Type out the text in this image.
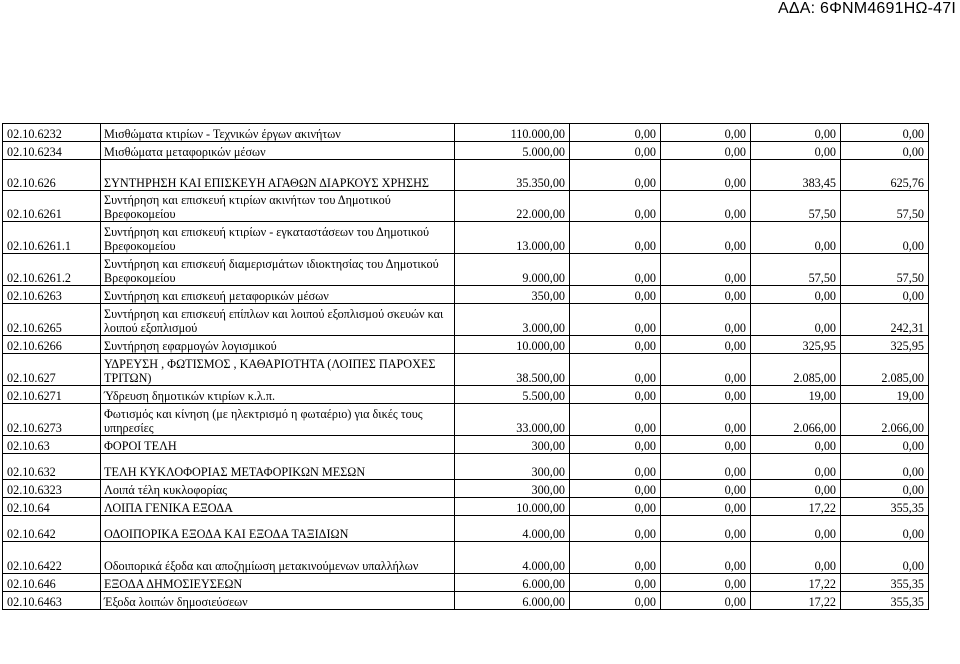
ΑΔΑ: 6ΦΝΜ4691ΗΩ-47Ι
02.10.6232	Μισθώματα κτιρίων - Τεχνικών έργων ακινήτων	110.000,00	0,00	0,00	0,00	0,00
02.10.6234	Μισθώματα μεταφορικών μέσων	5.000,00	0,00	0,00	0,00	0,00
02.10.626	ΣΥΝΤΗΡΗΣΗ ΚΑΙ ΕΠΙΣΚΕΥΗ ΑΓΑΘΩΝ ΔΙΑΡΚΟΥΣ ΧΡΗΣΗΣ	35.350,00	0,00	0,00	383,45	625,76
02.10.6261	Συντήρηση και επισκευή κτιρίων ακινήτων του Δημοτικού Βρεφοκομείου	22.000,00	0,00	0,00	57,50	57,50
02.10.6261.1	Συντήρηση και επισκευή κτιρίων - εγκαταστάσεων του Δημοτικού Βρεφοκομείου	13.000,00	0,00	0,00	0,00	0,00
02.10.6261.2	Συντήρηση και επισκευή διαμερισμάτων ιδιοκτησίας του Δημοτικού Βρεφοκομείου	9.000,00	0,00	0,00	57,50	57,50
02.10.6263	Συντήρηση και επισκευή μεταφορικών μέσων	350,00	0,00	0,00	0,00	0,00
02.10.6265	Συντήρηση και επισκευή επίπλων και λοιπού εξοπλισμού σκευών και λοιπού εξοπλισμού	3.000,00	0,00	0,00	0,00	242,31
02.10.6266	Συντήρηση εφαρμογών λογισμικού	10.000,00	0,00	0,00	325,95	325,95
02.10.627	ΥΔΡΕΥΣΗ , ΦΩΤΙΣΜΟΣ , ΚΑΘΑΡΙΟΤΗΤΑ (ΛΟΙΠΕΣ ΠΑΡΟΧΕΣ ΤΡΙΤΩΝ)	38.500,00	0,00	0,00	2.085,00	2.085,00
02.10.6271	Ύδρευση δημοτικών κτιρίων κ.λ.π.	5.500,00	0,00	0,00	19,00	19,00
02.10.6273	Φωτισμός και κίνηση (με ηλεκτρισμό η φωταέριο) για δικές τους υπηρεσίες	33.000,00	0,00	0,00	2.066,00	2.066,00
02.10.63	ΦΟΡΟΙ ΤΕΛΗ	300,00	0,00	0,00	0,00	0,00
02.10.632	ΤΕΛΗ ΚΥΚΛΟΦΟΡΙΑΣ ΜΕΤΑΦΟΡΙΚΩΝ ΜΕΣΩΝ	300,00	0,00	0,00	0,00	0,00
02.10.6323	Λοιπά τέλη κυκλοφορίας	300,00	0,00	0,00	0,00	0,00
02.10.64	ΛΟΙΠΑ ΓΕΝΙΚΑ ΕΞΟΔΑ	10.000,00	0,00	0,00	17,22	355,35
02.10.642	ΟΔΟΙΠΟΡΙΚΑ ΕΞΟΔΑ ΚΑΙ ΕΞΟΔΑ ΤΑΞΙΔΙΩΝ	4.000,00	0,00	0,00	0,00	0,00
02.10.6422	Οδοιπορικά έξοδα και αποζημίωση μετακινούμενων υπαλλήλων	4.000,00	0,00	0,00	0,00	0,00
02.10.646	ΕΞΟΔΑ ΔΗΜΟΣΙΕΥΣΕΩΝ	6.000,00	0,00	0,00	17,22	355,35
02.10.6463	Έξοδα λοιπών δημοσιεύσεων	6.000,00	0,00	0,00	17,22	355,35
